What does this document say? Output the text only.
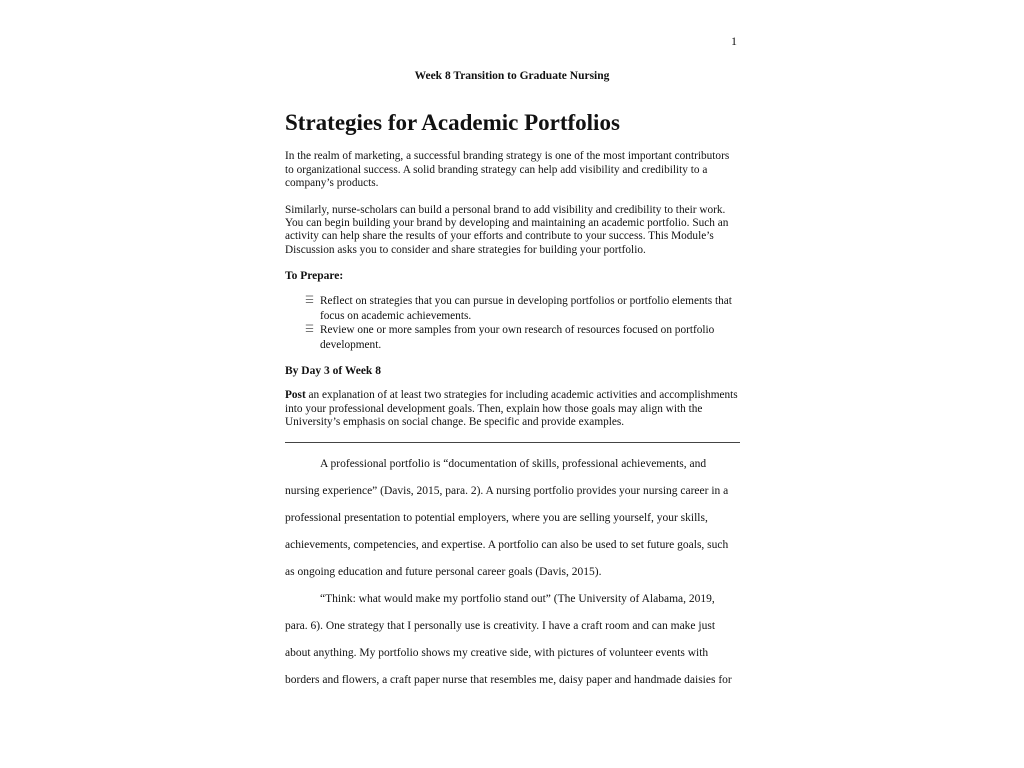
1
Week 8 Transition to Graduate Nursing
Strategies for Academic Portfolios

In the realm of marketing, a successful branding strategy is one of the most important contributors to organizational success. A solid branding strategy can help add visibility and credibility to a company’s products.

Similarly, nurse-scholars can build a personal brand to add visibility and credibility to their work. You can begin building your brand by developing and maintaining an academic portfolio. Such an activity can help share the results of your efforts and contribute to your success. This Module’s Discussion asks you to consider and share strategies for building your portfolio.

To Prepare:
☰ Reflect on strategies that you can pursue in developing portfolios or portfolio elements that focus on academic achievements.
☰ Review one or more samples from your own research of resources focused on portfolio development.
By Day 3 of Week 8

Post an explanation of at least two strategies for including academic activities and accomplishments into your professional development goals. Then, explain how those goals may align with the University’s emphasis on social change. Be specific and provide examples.

A professional portfolio is “documentation of skills, professional achievements, and nursing experience” (Davis, 2015, para. 2). A nursing portfolio provides your nursing career in a professional presentation to potential employers, where you are selling yourself, your skills, achievements, competencies, and expertise. A portfolio can also be used to set future goals, such as ongoing education and future personal career goals (Davis, 2015).

“Think: what would make my portfolio stand out” (The University of Alabama, 2019, para. 6). One strategy that I personally use is creativity. I have a craft room and can make just about anything. My portfolio shows my creative side, with pictures of volunteer events with borders and flowers, a craft paper nurse that resembles me, daisy paper and handmade daisies for
